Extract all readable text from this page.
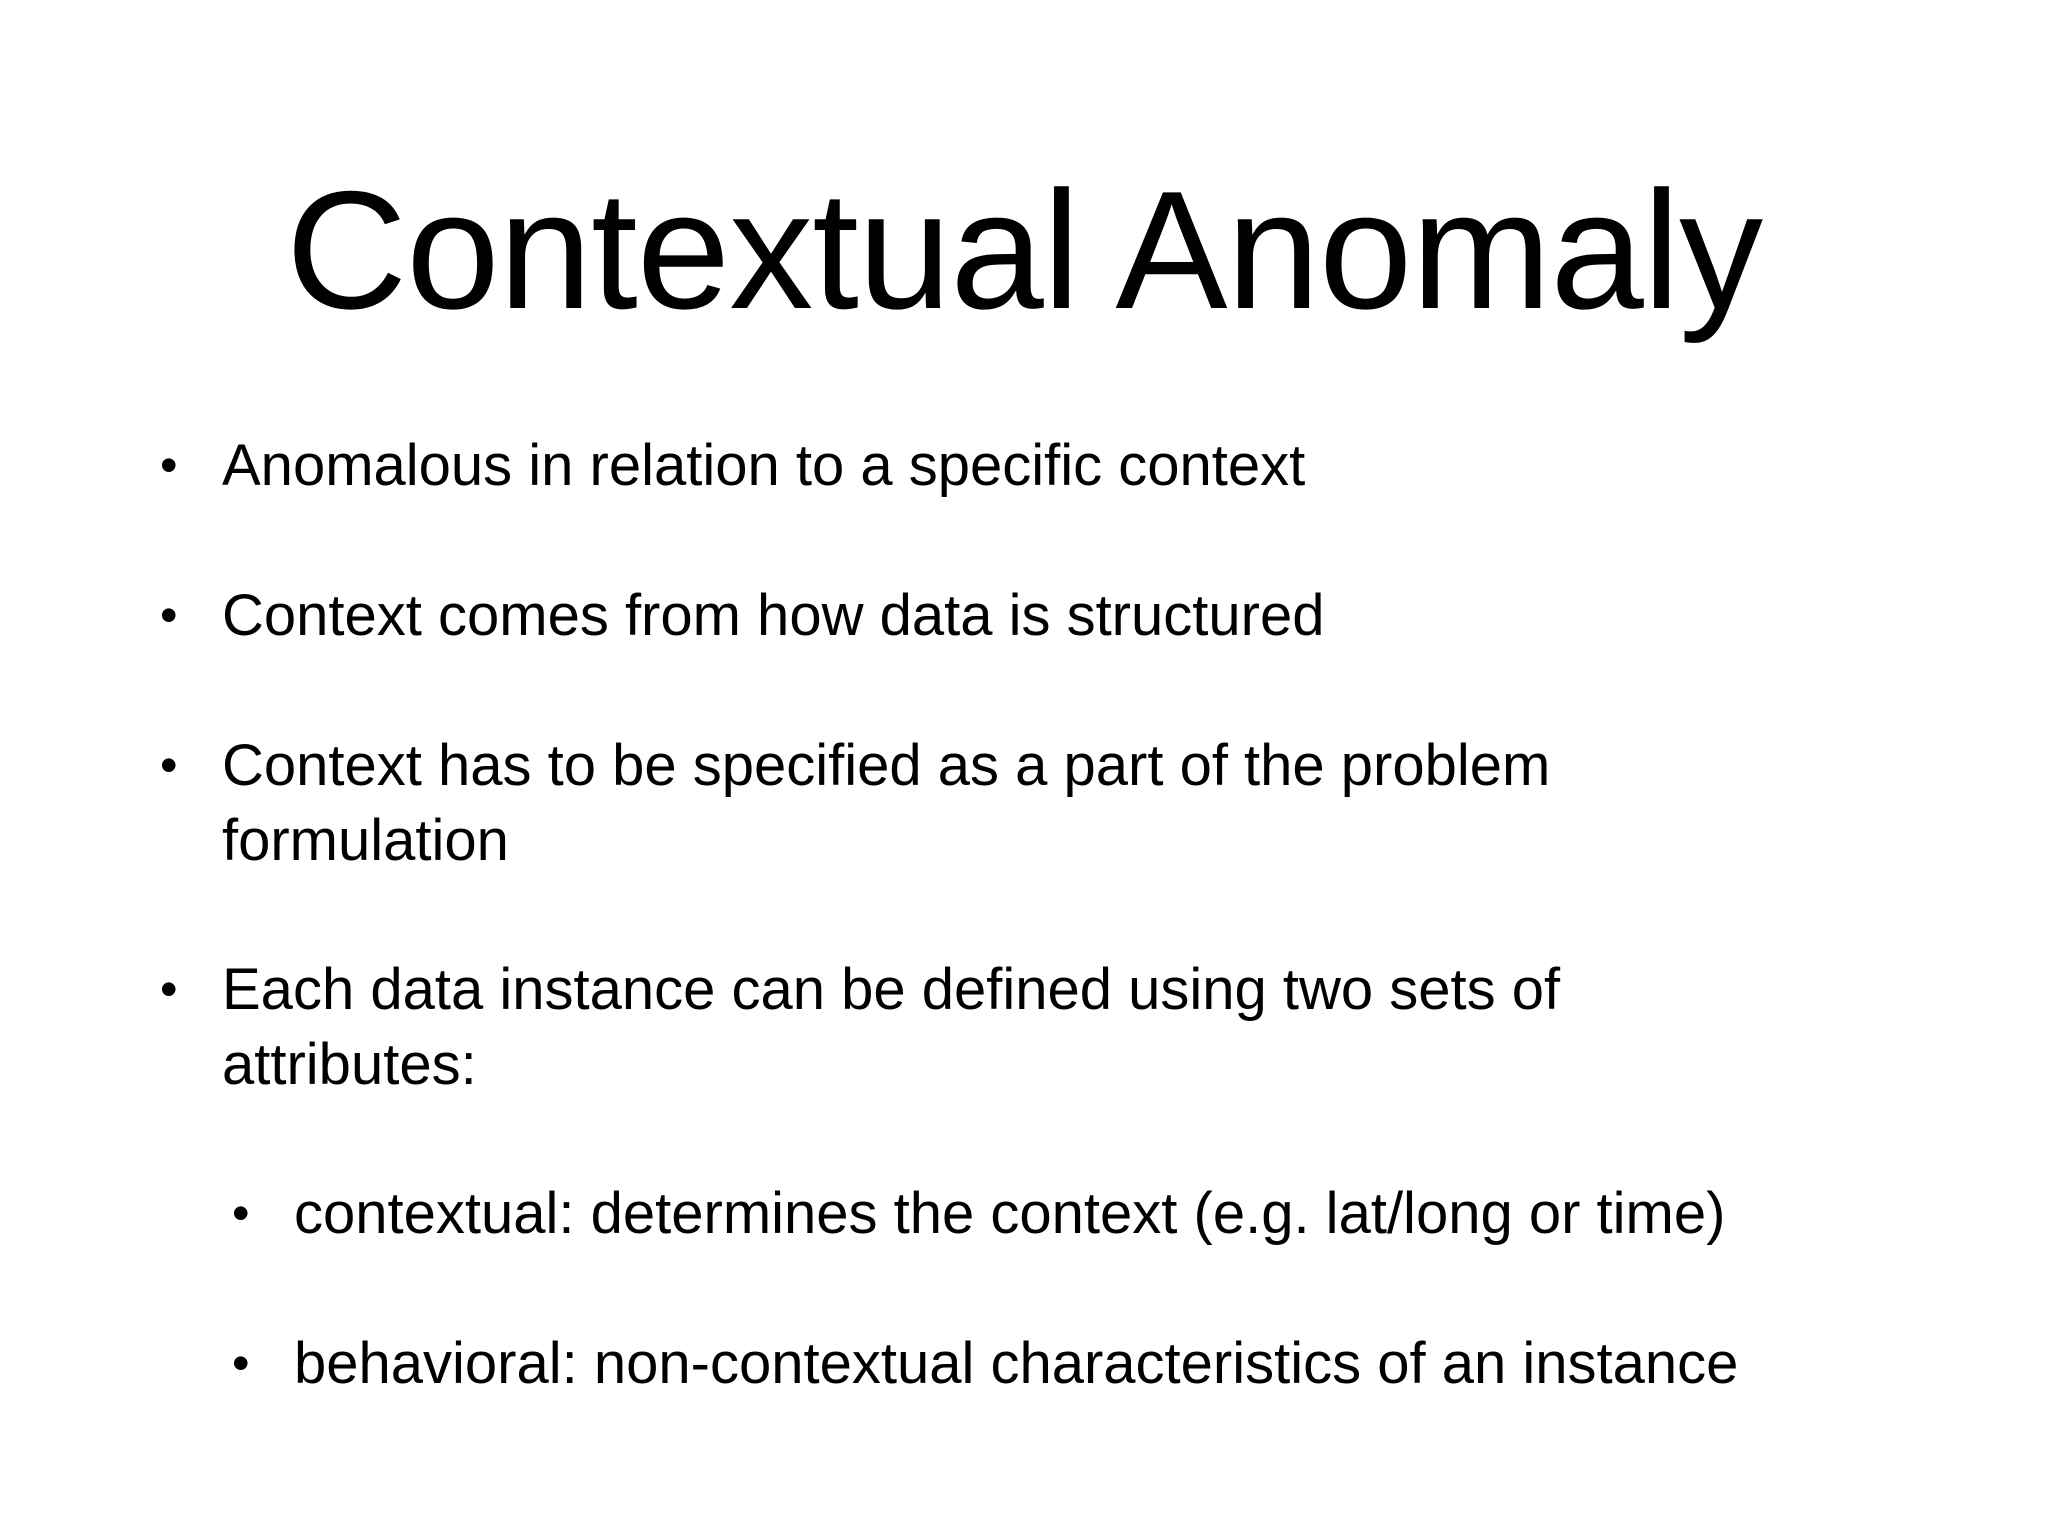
Contextual Anomaly
• Anomalous in relation to a specific context
• Context comes from how data is structured
• Context has to be specified as a part of the problem formulation
• Each data instance can be defined using two sets of attributes:
• contextual: determines the context (e.g. lat/long or time)
• behavioral: non-contextual characteristics of an instance
